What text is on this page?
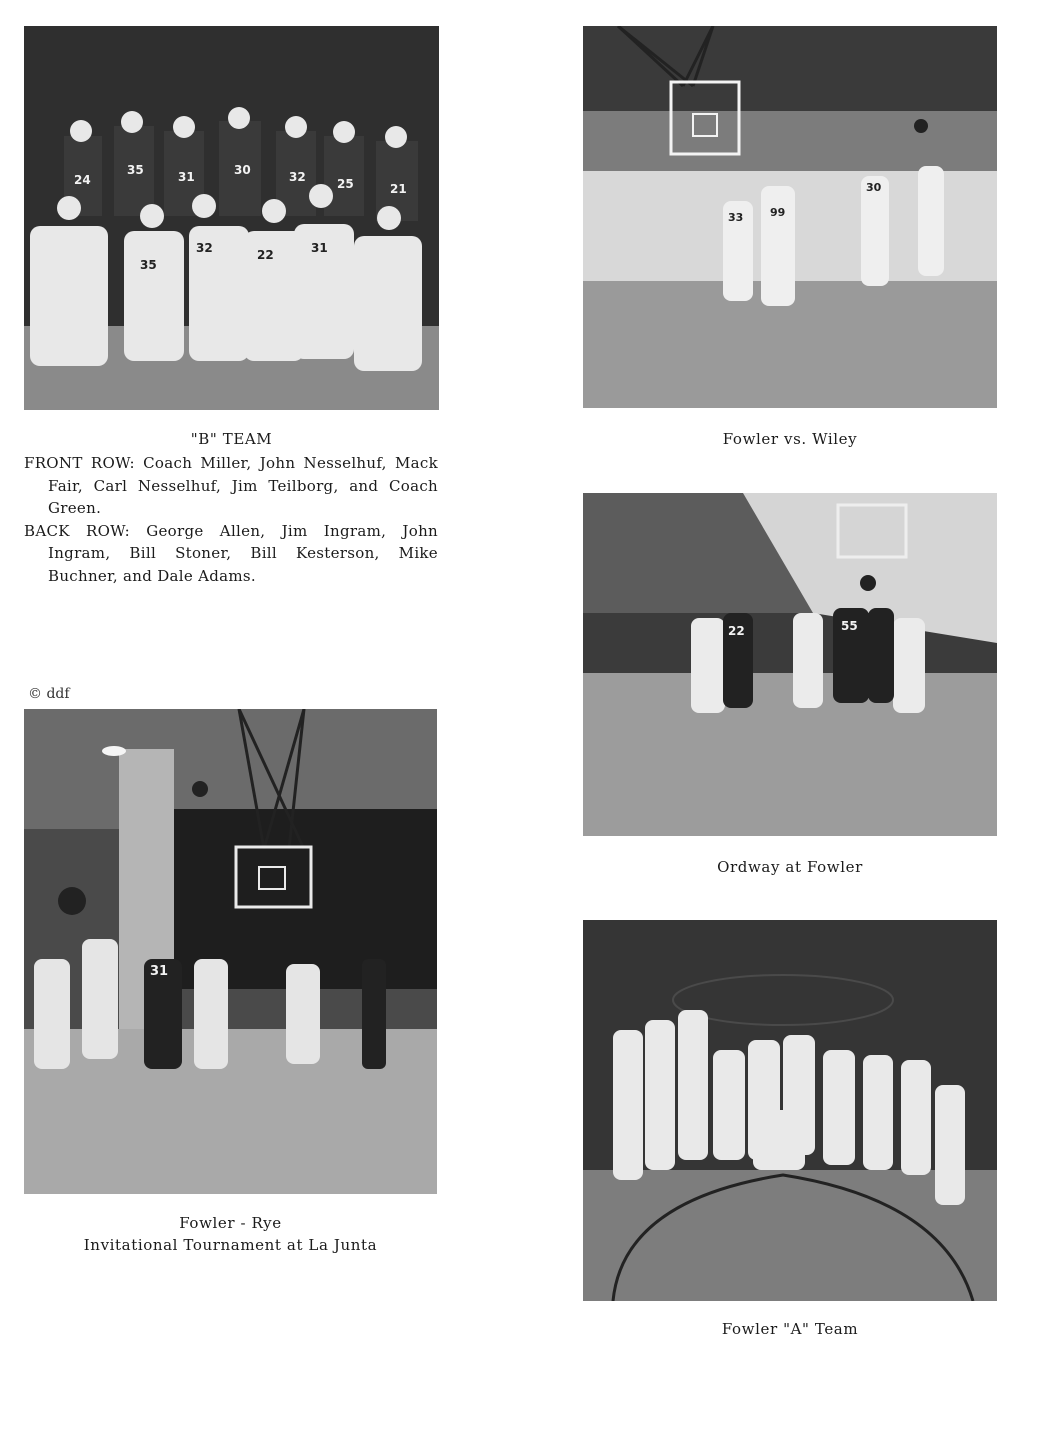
24
35	31	30	32	25	21
35
32	22	31
"B" TEAM

FRONT ROW: Coach Miller, John Nesselhuf, Mack Fair, Carl Nesselhuf, Jim Teilborg, and Coach Green.

BACK ROW: George Allen, Jim Ingram, John Ingram, Bill Stoner, Bill Kesterson, Mike Buchner, and Dale Adams.

© ddf
31
Fowler - Rye
Invitational Tournament at La Junta
33 99
30
Fowler vs. Wiley
22	55
Ordway at Fowler
Fowler "A" Team
